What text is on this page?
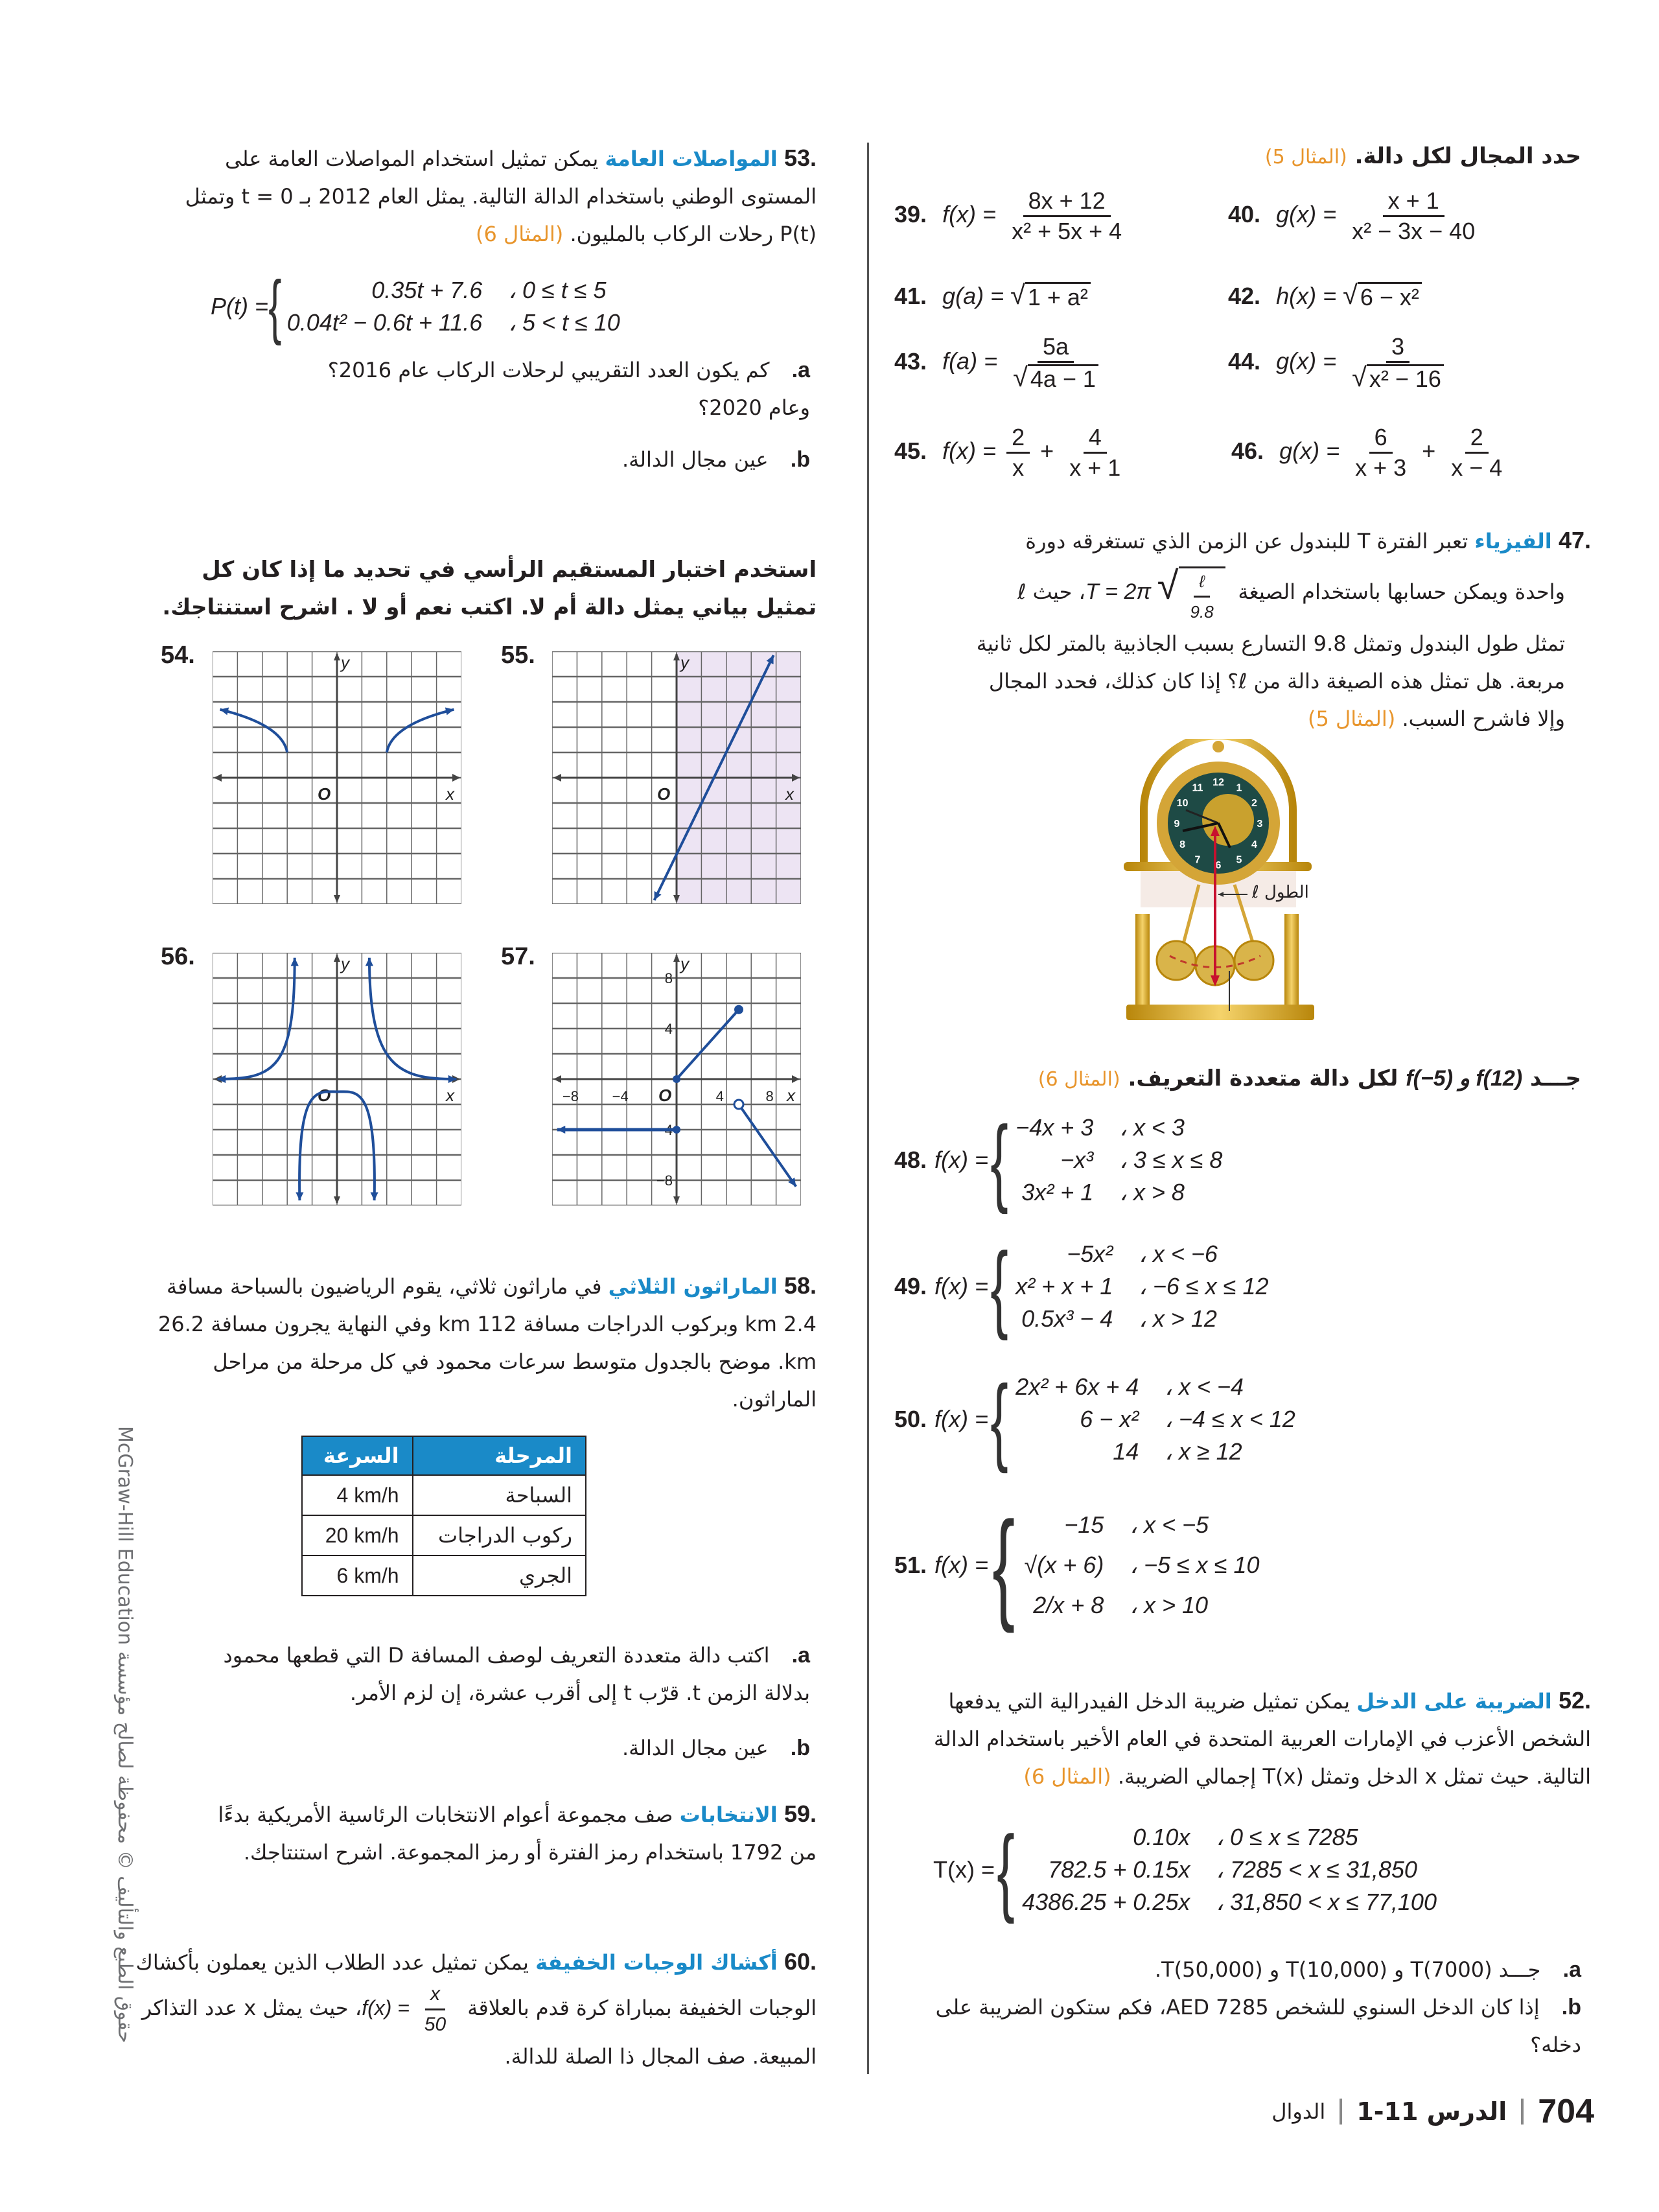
حقوق الطبع والتأليف © محفوظة لصالح مؤسسة McGraw-Hill Education
حدد المجال لكل دالة. (المثال 5)
39. $f(x) = \frac{8x + 12}{\text{x² + 5x + 4}}$	40. $g(x) = \frac{x + 1}{\text{x² − 3x − 40}}$
41. g(a) = √ 1 + a²	42. h(x) = √ 6 − x²
43. $f(a) = \frac{5a}{√ 4a - 1}$	44. $g(x) = \frac{3}{\text{√ x² − 16}}$
45. $f(x) = \frac{2}{x} + \frac{4}{x + 1}$	46. $g(x) = \frac{6}{x + 3} + \frac{2}{x - 4}$
.47 الفيزياء تعبر الفترة T للبندول عن الزمن الذي تستغرقه دورة
واحدة ويمكن حسابها باستخدام الصيغة T = 2π √ $\frac{\text{ℓ}}{9.8}$
، حيث ℓ
تمثل طول البندول وتمثل 9.8 التسارع بسبب الجاذبية بالمتر لكل ثانية
مربعة. هل تمثل هذه الصيغة دالة من ℓ؟ إذا كان كذلك، فحدد المجال
وإلا فاشرح السبب. (المثال 5)
12
1
2
3
4
5
6
7
8
9
10
11
الطول ℓ
جـــد f(−5) و f(12) لكل دالة متعددة التعريف. (المثال 6)
48. f(x) = { −4x + 3 ، x < 3
−x³ ، 3 ≤ x ≤ 8
3x² + 1 ، x > 8
49. f(x) = {	−5x² ، x < −6
x² + x + 1 ، −6 ≤ x ≤ 12
0.5x³ − 4 ، x > 12
50. f(x) = { 2x² + 6x + 4 ، x < −4
6 − x² ، −4 ≤ x < 12
14 ، x ≥ 12
51. f(x) = {	−15 ، x < −5
√(x + 6) ، −5 ≤ x ≤ 10
2/x + 8 ، x > 10
.52 الضريبة على الدخل يمكن تمثيل ضريبة الدخل الفيدرالية التي يدفعها الشخص الأعزب في الإمارات العربية المتحدة في العام الأخير باستخدام الدالة التالية. حيث تمثل x الدخل وتمثل T(x) إجمالي الضريبة. (المثال 6)
T(x) = {	0.10x ، 0 ≤ x ≤ 7285
782.5 + 0.15x ، 7285 < x ≤ 31,850
4386.25 + 0.25x ، 31,850 < x ≤ 77,100
a. جـــد T(7000) و T(10,000) و T(50,000).
b. إذا كان الدخل السنوي للشخص AED 7285، فكم ستكون الضريبة على دخله؟
.53 المواصلات العامة يمكن تمثيل استخدام المواصلات العامة على المستوى الوطني باستخدام الدالة التالية. يمثل العام 2012 بـ t = 0 وتمثل P(t) رحلات الركاب بالمليون. (المثال 6)
P(t) = {	0.35t + 7.6 ، 0 ≤ t ≤ 5
0.04t² − 0.6t + 11.6 ، 5 < t ≤ 10
a. كم يكون العدد التقريبي لرحلات الركاب عام 2016؟ وعام 2020؟
b. عين مجال الدالة.
استخدم اختبار المستقيم الرأسي في تحديد ما إذا كان كل تمثيل بياني يمثل دالة أم لا. اكتب نعم أو لا . اشرح استنتاجك.
54.	y
x
O
55.	y
x
O
56.	y
x
O
57.
−8 −4	4	8
8
4
−4
−8
y
x
O
.58 الماراثون الثلاثي في ماراثون ثلاثي، يقوم الرياضيون بالسباحة مسافة 2.4 km وبركوب الدراجات مسافة 112 km وفي النهاية يجرون مسافة 26.2 km. موضح بالجدول متوسط سرعات محمود في كل مرحلة من مراحل الماراثون.
المرحلة	السرعة
السباحة	4 km/h
ركوب الدراجات	20 km/h
الجري	6 km/h
a. اكتب دالة متعددة التعريف لوصف المسافة D التي قطعها محمود بدلالة الزمن t. قرّب t إلى أقرب عشرة، إن لزم الأمر.
b. عين مجال الدالة.
.59 الانتخابات صف مجموعة أعوام الانتخابات الرئاسية الأمريكية بدءًا من 1792 باستخدام رمز الفترة أو رمز المجموعة. اشرح استنتاجك.
.60 أكشاك الوجبات الخفيفة يمكن تمثيل عدد الطلاب الذين يعملون بأكشاك الوجبات الخفيفة بمباراة كرة قدم بالعلاقة $f(x) = \frac{x}{50}$
، حيث يمثل x عدد التذاكر المبيعة. صف المجال ذا الصلة للدالة.
704
الدرس 11-1
الدوال
